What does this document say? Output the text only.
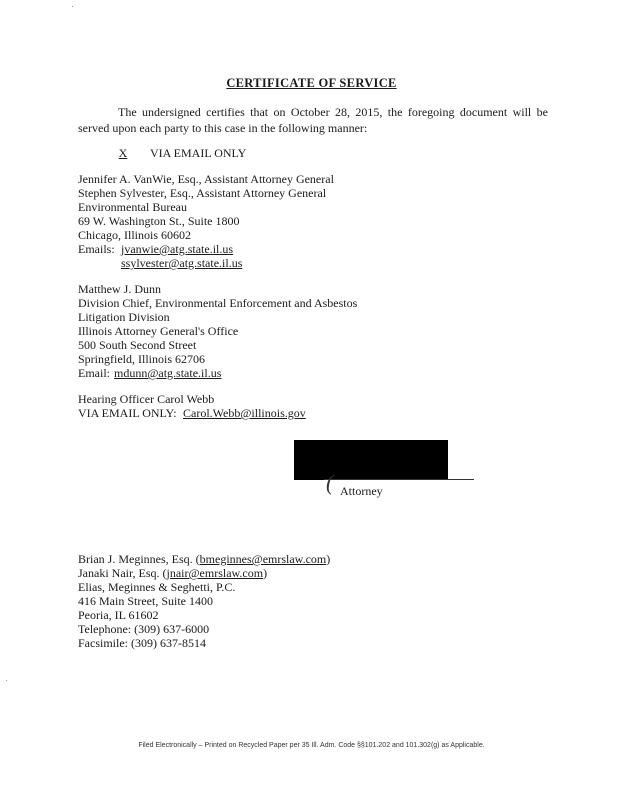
CERTIFICATE OF SERVICE
The undersigned certifies that on October 28, 2015, the foregoing document will be served upon each party to this case in the following manner:
X	VIA EMAIL ONLY
Jennifer A. VanWie, Esq., Assistant Attorney General
Stephen Sylvester, Esq., Assistant Attorney General
Environmental Bureau
69 W. Washington St., Suite 1800
Chicago, Illinois 60602
Emails: jvanwie@atg.state.il.us
ssylvester@atg.state.il.us
Matthew J. Dunn
Division Chief, Environmental Enforcement and Asbestos
Litigation Division
Illinois Attorney General's Office
500 South Second Street
Springfield, Illinois 62706
Email: mdunn@atg.state.il.us
Hearing Officer Carol Webb
VIA EMAIL ONLY: Carol.Webb@illinois.gov
( Attorney
Brian J. Meginnes, Esq. (bmeginnes@emrslaw.com)
Janaki Nair, Esq. (jnair@emrslaw.com)
Elias, Meginnes & Seghetti, P.C.
416 Main Street, Suite 1400
Peoria, IL 61602
Telephone: (309) 637-6000
Facsimile: (309) 637-8514
Filed Electronically – Printed on Recycled Paper per 35 Ill. Adm. Code §§101.202 and 101.302(g) as Applicable.
